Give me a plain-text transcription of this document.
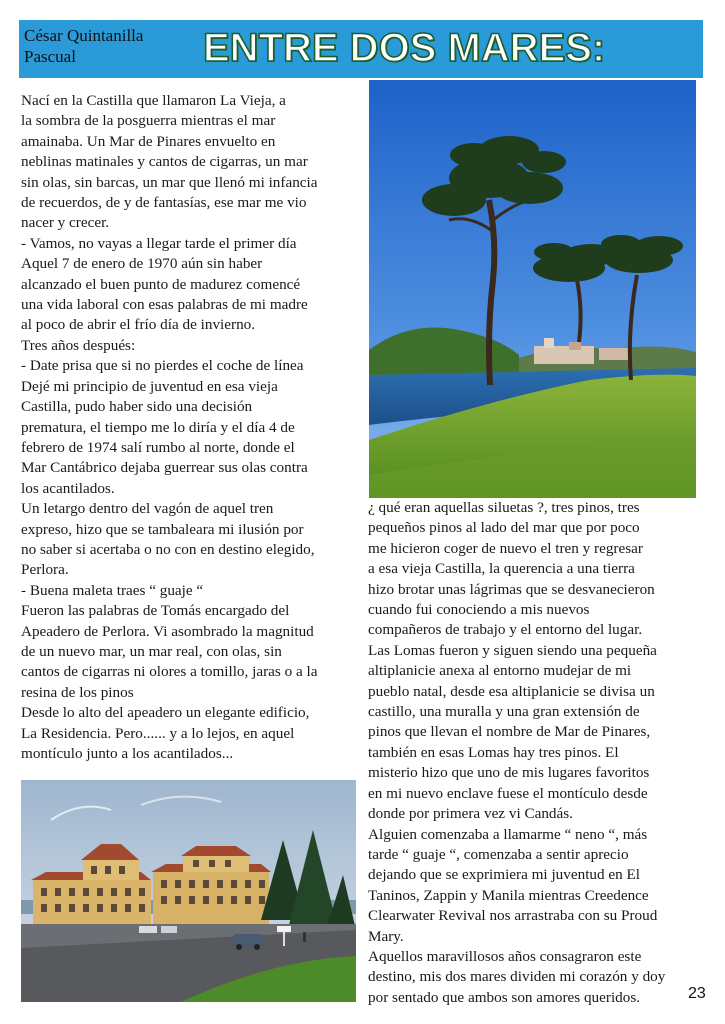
César Quintanilla
Pascual	ENTRE DOS MARES:
Nací en la Castilla que llamaron La Vieja, a
la sombra de la posguerra mientras el mar
amainaba. Un Mar de Pinares envuelto en
neblinas matinales y cantos de cigarras, un mar
sin olas, sin barcas, un mar que llenó mi infancia
de recuerdos, de y de fantasías, ese mar me vio
nacer y crecer.
- Vamos, no vayas a llegar tarde el primer día
Aquel 7 de enero de 1970 aún sin haber
alcanzado el buen punto de madurez comencé
una vida laboral con esas palabras de mi madre
al poco de abrir el frío día de invierno.
Tres años después:
- Date prisa que si no pierdes el coche de línea
Dejé mi principio de juventud en esa vieja
Castilla, pudo haber sido una decisión
prematura, el tiempo me lo diría y el día 4 de
febrero de 1974 salí rumbo al norte, donde el
Mar Cantábrico dejaba guerrear sus olas contra
los acantilados.
Un letargo dentro del vagón de aquel tren
expreso, hizo que se tambaleara mi ilusión por
no saber si acertaba o no con en destino elegido,
Perlora.
- Buena maleta traes “ guaje “
Fueron las palabras de Tomás encargado del
Apeadero de Perlora. Vi asombrado la magnitud
de un nuevo mar, un mar real, con olas, sin
cantos de cigarras ni olores a tomillo, jaras o a la
resina de los pinos
Desde lo alto del apeadero un elegante edificio,
La Residencia. Pero...... y a lo lejos, en aquel
montículo junto a los acantilados...
¿ qué eran aquellas siluetas ?, tres pinos, tres
pequeños pinos al lado del mar que por poco
me hicieron coger de nuevo el tren y regresar
a esa vieja Castilla, la querencia a una tierra
hizo brotar unas lágrimas que se desvanecieron
cuando fui conociendo a mis nuevos
compañeros de trabajo y el entorno del lugar.
Las Lomas fueron y siguen siendo una pequeña
altiplanicie anexa al entorno mudejar de mi
pueblo natal, desde esa altiplanicie se divisa un
castillo, una muralla y una gran extensión de
pinos que llevan el nombre de Mar de Pinares,
también en esas Lomas hay tres pinos. El
misterio hizo que uno de mis lugares favoritos
en mi nuevo enclave fuese el montículo desde
donde por primera vez vi Candás.
Alguien comenzaba a llamarme “ neno “, más
tarde “ guaje “, comenzaba a sentir aprecio
dejando que se exprimiera mi juventud en El
Taninos, Zappin y Manila mientras Creedence
Clearwater Revival nos arrastraba con su Proud
Mary.
Aquellos maravillosos años consagraron este
destino, mis dos mares dividen mi corazón y doy
por sentado que ambos son amores queridos.	23
